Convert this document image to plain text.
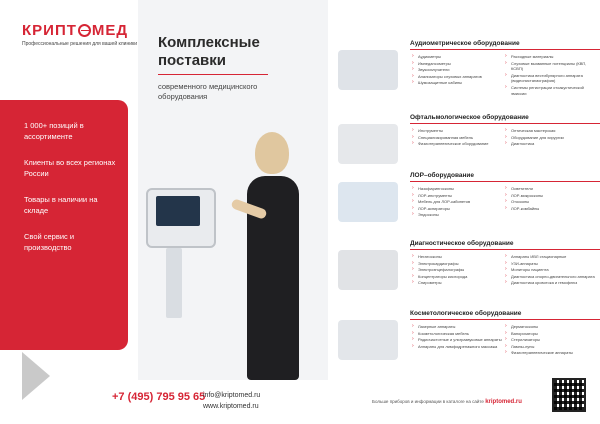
КРИПТ МЕД
Профессиональные решения для вашей клиники Комплексные
поставки
современного медицинского
оборудования
1 000+ позиций в ассортименте
Клиенты во всех регионах России
Товары в наличии на складе
Свой сервис и производство
+7 (495) 795 95 65
info@kriptomed.ru
www.kriptomed.ru
Аудиометрическое оборудование
› Аудиометры
› Импедансометры
› Звукоизлучатели
› Анализаторы слуховых аппаратов
› Шумозащитные кабины
› Расходные материалы
› Слуховые вызванные потенциалы (КВП, КСВП)
› Диагностика вестибулярного аппарата (видеонистагмография)
› Системы регистрации отоакустической эмиссии
Офтальмологическое оборудование
› Инструменты
› Специализированная мебель
› Физиотерапевтическое оборудование
› Оптическая мастерская
› Оборудование для хирургии
› Диагностика
ЛОР–оборудование
› Назофарингоскопы
› ЛОР-инструменты
› Мебель для ЛОР-кабинетов
› ЛОР-аспираторы
› Эндоскопы
› Осветители
› ЛОР-микроскопы
› Отоскопы
› ЛОР-комбайны
Диагностическое оборудование
› Негатоскопы
› Электрокардиографы
› Электроэнцефалографы
› Концентраторы кислорода
› Спирометры
› Аппараты ИВЛ стационарные
› УЗИ-аппараты
› Мониторы пациента
› Диагностика опорно-двигательного аппарата
› Диагностика кровотока и гемофлюз
Косметологическое оборудование
› Лазерные аппараты
› Косметологическая мебель
› Радиочастотные и ультразвуковые аппараты
› Аппараты для лимфодренажного массажа
› Дерматоскопы
› Вапоризаторы
› Стерилизаторы
› Лампы-лупы
› Физиотерапевтические аппараты
Больше приборов и информации в каталоге на сайте kriptomed.ru
